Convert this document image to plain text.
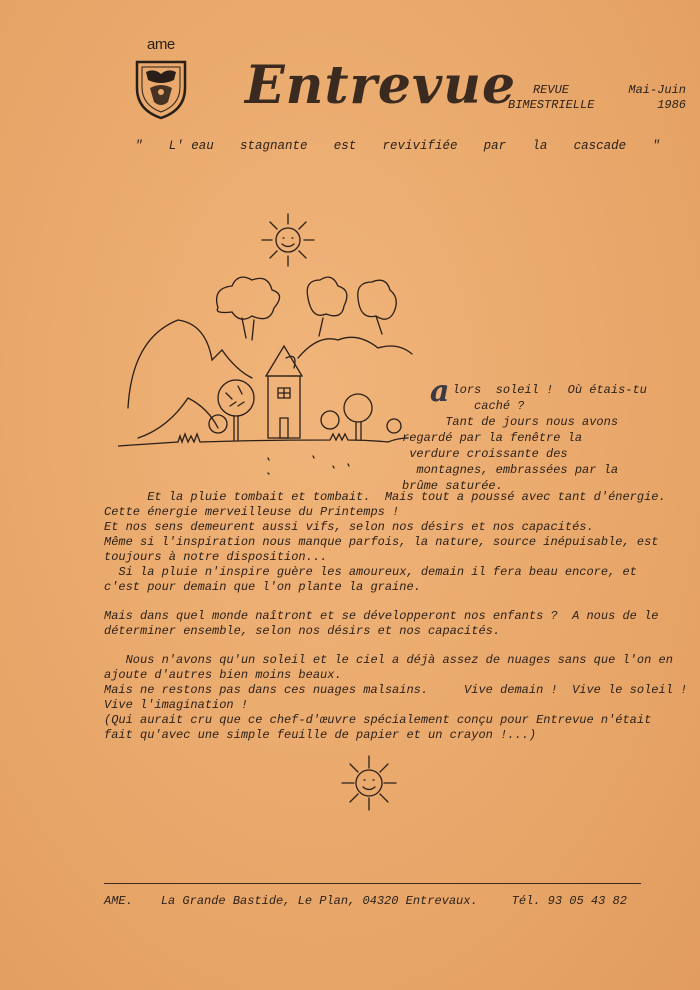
ame
Entrevue	REVUE
BIMESTRIELLE
Mai-Juin
1986
" L' eau stagnante est revivifiée par la cascade "
a lors  soleil !  Où étais-tu

caché ?

Tant de jours nous avons

regardé par la fenêtre la

verdure croissante des

montagnes, embrassées par la

brûme saturée.

Et la pluie tombait et tombait.  Mais tout a poussé avec tant d'énergie.

Cette énergie merveilleuse du Printemps !

Et nos sens demeurent aussi vifs, selon nos désirs et nos capacités.

Même si l'inspiration nous manque parfois, la nature, source inépuisable, est

toujours à notre disposition...

Si la pluie n'inspire guère les amoureux, demain il fera beau encore, et

c'est pour demain que l'on plante la graine.

Mais dans quel monde naîtront et se développeront nos enfants ?  A nous de le

déterminer ensemble, selon nos désirs et nos capacités.

Nous n'avons qu'un soleil et le ciel a déjà assez de nuages sans que l'on en

ajoute d'autres bien moins beaux.

Mais ne restons pas dans ces nuages malsains.     Vive demain !  Vive le soleil !

Vive l'imagination !

(Qui aurait cru que ce chef-d'œuvre spécialement conçu pour Entrevue n'était

fait qu'avec une simple feuille de papier et un crayon !...)

AME. La Grande Bastide, Le Plan, 04320 Entrevaux.	Tél. 93 05 43 82
